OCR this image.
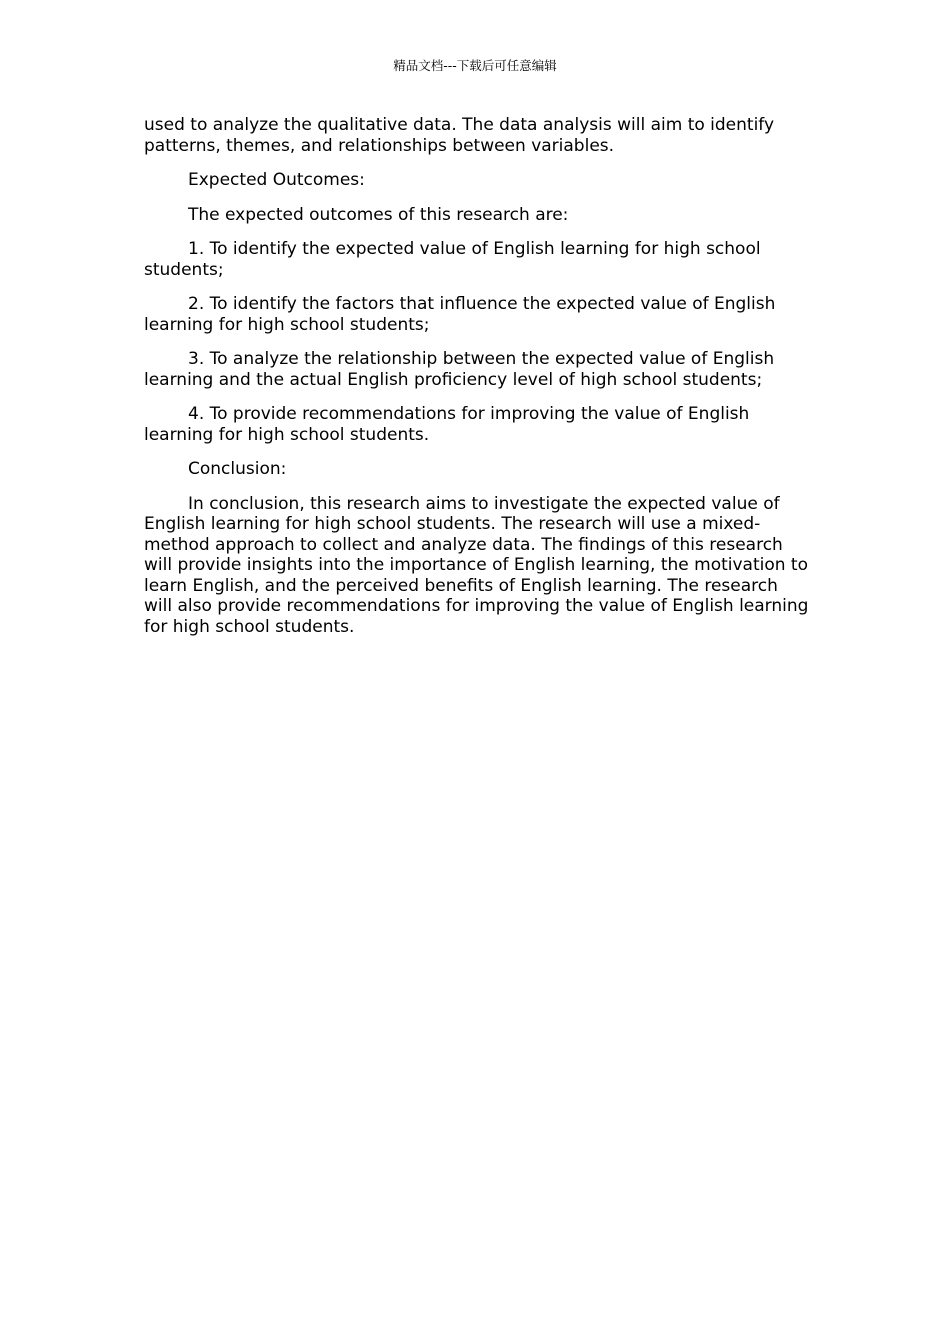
精品文档---下载后可任意编辑

used to analyze the qualitative data. The data analysis will aim to identify patterns, themes, and relationships between variables.

Expected Outcomes:

The expected outcomes of this research are:

1. To identify the expected value of English learning for high school students;

2. To identify the factors that influence the expected value of English learning for high school students;

3. To analyze the relationship between the expected value of English learning and the actual English proficiency level of high school students;

4. To provide recommendations for improving the value of English learning for high school students.

Conclusion:

In conclusion, this research aims to investigate the expected value of English learning for high school students. The research will use a mixed-method approach to collect and analyze data. The findings of this research will provide insights into the importance of English learning, the motivation to learn English, and the perceived benefits of English learning. The research will also provide recommendations for improving the value of English learning for high school students.
